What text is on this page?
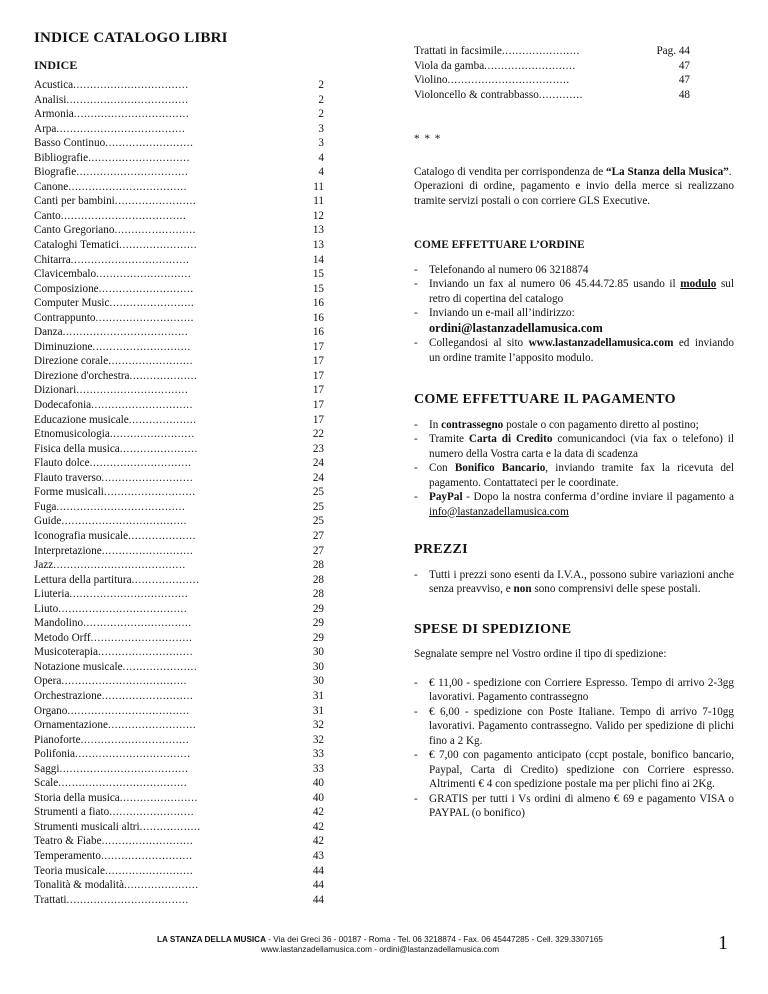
INDICE CATALOGO LIBRI
INDICE
Acustica ..................................	2
Analisi ....................................	2
Armonia ..................................	2
Arpa ......................................	3
Basso Continuo ..........................	3
Bibliografie ..............................	4
Biografie .................................	4
Canone ...................................	11
Canti per bambini ........................	11
Canto .....................................	12
Canto Gregoriano ........................	13
Cataloghi Tematici .......................	13
Chitarra ...................................	14
Clavicembalo ............................	15
Composizione ............................	15
Computer Music .........................	16
Contrappunto .............................	16
Danza .....................................	16
Diminuzione .............................	17
Direzione corale .........................	17
Direzione d'orchestra ....................	17
Dizionari .................................	17
Dodecafonia ..............................	17
Educazione musicale ....................	17
Etnomusicologia .........................	22
Fisica della musica .......................	23
Flauto dolce ..............................	24
Flauto traverso ...........................	24
Forme musicali ...........................	25
Fuga ......................................	25
Guide .....................................	25
Iconografia musicale ....................	27
Interpretazione ...........................	27
Jazz .......................................	28
Lettura della partitura ....................	28
Liuteria ...................................	28
Liuto ......................................	29
Mandolino ................................	29
Metodo Orff ..............................	29
Musicoterapia ............................	30
Notazione musicale ......................	30
Opera .....................................	30
Orchestrazione ...........................	31
Organo ....................................	31
Ornamentazione ..........................	32
Pianoforte ................................	32
Polifonia ..................................	33
Saggi ......................................	33
Scale ......................................	40
Storia della musica .......................	40
Strumenti a fiato .........................	42
Strumenti musicali altri ..................	42
Teatro & Fiabe ...........................	42
Temperamento ...........................	43
Teoria musicale ..........................	44
Tonalità & modalità ......................	44
Trattati ....................................	44
Trattati in facsimile .......................	Pag. 44
Viola da gamba ...........................	47
Violino ....................................	47
Violoncello & contrabbasso .............	48
* * *
Catalogo di vendita per corrispondenza de “La Stanza della Musica”.
Operazioni di ordine, pagamento e invio della merce si realizzano tramite servizi postali o con corriere GLS Executive.
COME EFFETTUARE L’ORDINE
- Telefonando al numero 06 3218874
- Inviando un fax al numero 06 45.44.72.85 usando il modulo sul retro di copertina del catalogo
- Inviando un e-mail all’indirizzo:
ordini@lastanzadellamusica.com
- Collegandosi al sito www.lastanzadellamusica.com ed inviando un ordine tramite l’apposito modulo.
COME EFFETTUARE IL PAGAMENTO
- In contrassegno postale o con pagamento diretto al postino;
- Tramite Carta di Credito comunicandoci (via fax o telefono) il numero della Vostra carta e la data di scadenza
- Con Bonifico Bancario, inviando tramite fax la ricevuta del pagamento. Contattateci per le coordinate.
- PayPal - Dopo la nostra conferma d’ordine inviare il pagamento a info@lastanzadellamusica.com
PREZZI
- Tutti i prezzi sono esenti da I.V.A., possono subire variazioni anche senza preavviso, e non sono comprensivi delle spese postali.
SPESE DI SPEDIZIONE
Segnalate sempre nel Vostro ordine il tipo di spedizione:
- € 11,00 - spedizione con Corriere Espresso. Tempo di arrivo 2-3gg lavorativi. Pagamento contrassegno
- € 6,00 - spedizione con Poste Italiane. Tempo di arrivo 7-10gg lavorativi. Pagamento contrassegno. Valido per spedizione di plichi fino a 2 Kg.
- € 7,00 con pagamento anticipato (ccpt postale, bonifico bancario, Paypal, Carta di Credito) spedizione con Corriere espresso. Altrimenti € 4 con spedizione postale ma per plichi fino ai 2Kg.
- GRATIS per tutti i Vs ordini di almeno € 69 e pagamento VISA o PAYPAL (o bonifico)
LA STANZA DELLA MUSICA - Via dei Greci 36 - 00187 - Roma - Tel. 06 3218874 - Fax. 06 45447285 - Cell. 329.3307165
www.lastanzadellamusica.com - ordini@lastanzadellamusica.com	1
